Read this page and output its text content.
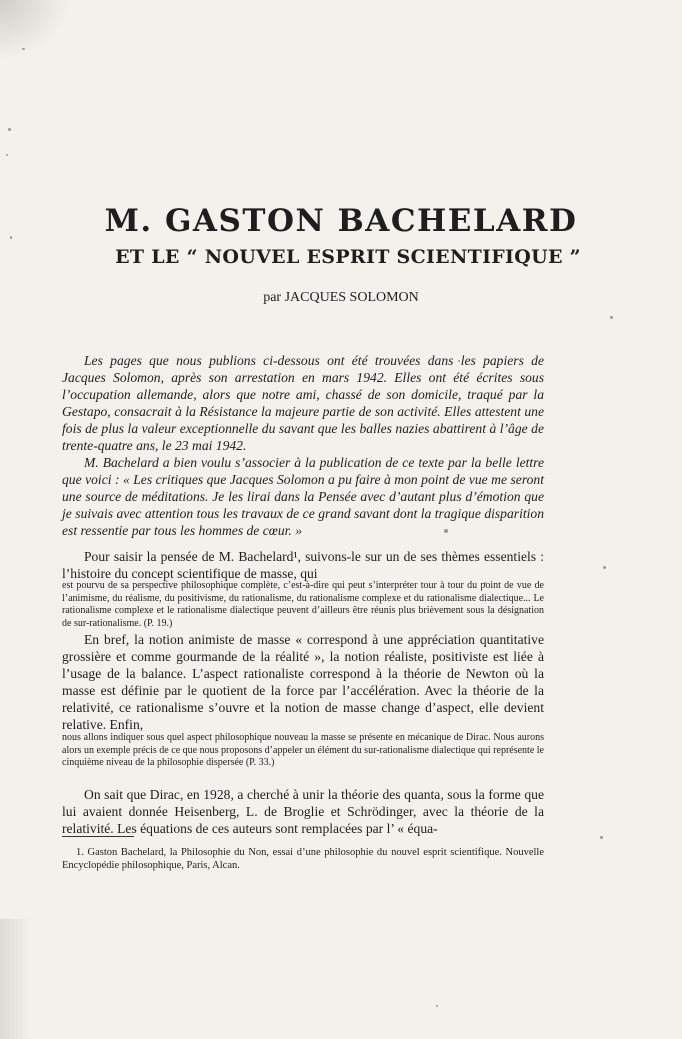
M. GASTON BACHELARD
ET LE “ NOUVEL ESPRIT SCIENTIFIQUE ”
par JACQUES SOLOMON

Les pages que nous publions ci-dessous ont été trouvées dans les papiers de Jacques Solomon, après son arrestation en mars 1942. Elles ont été écrites sous l’occupation allemande, alors que notre ami, chassé de son domicile, traqué par la Gestapo, consacrait à la Résistance la majeure partie de son activité. Elles attestent une fois de plus la valeur exceptionnelle du savant que les balles nazies abattirent à l’âge de trente-quatre ans, le 23 mai 1942.

M. Bachelard a bien voulu s’associer à la publication de ce texte par la belle lettre que voici : « Les critiques que Jacques Solomon a pu faire à mon point de vue me seront une source de méditations. Je les lirai dans la Pensée avec d’autant plus d’émotion que je suivais avec attention tous les travaux de ce grand savant dont la tragique disparition est ressentie par tous les hommes de cœur. »

Pour saisir la pensée de M. Bachelard¹, suivons-le sur un de ses thèmes essentiels : l’histoire du concept scientifique de masse, qui

est pourvu de sa perspective philosophique complète, c’est-à-dire qui peut s’interpréter tour à tour du point de vue de l’animisme, du réalisme, du positivisme, du rationalisme, du rationalisme complexe et du rationalisme dialectique... Le rationalisme complexe et le rationalisme dialectique peuvent d’ailleurs être réunis plus brièvement sous la désignation de sur-rationalisme. (P. 19.)

En bref, la notion animiste de masse « correspond à une appréciation quantitative grossière et comme gourmande de la réalité », la notion réaliste, positiviste est liée à l’usage de la balance. L’aspect rationaliste correspond à la théorie de Newton où la masse est définie par le quotient de la force par l’accélération. Avec la théorie de la relativité, ce rationalisme s’ouvre et la notion de masse change d’aspect, elle devient relative. Enfin,

nous allons indiquer sous quel aspect philosophique nouveau la masse se présente en mécanique de Dirac. Nous aurons alors un exemple précis de ce que nous proposons d’appeler un élément du sur-rationalisme dialectique qui représente le cinquième niveau de la philosophie dispersée (P. 33.)

On sait que Dirac, en 1928, a cherché à unir la théorie des quanta, sous la forme que lui avaient donnée Heisenberg, L. de Broglie et Schrödinger, avec la théorie de la relativité. Les équations de ces auteurs sont remplacées par l’ « équa-

1. Gaston Bachelard, la Philosophie du Non, essai d’une philosophie du nouvel esprit scientifique. Nouvelle Encyclopédie philosophique, Paris, Alcan.
